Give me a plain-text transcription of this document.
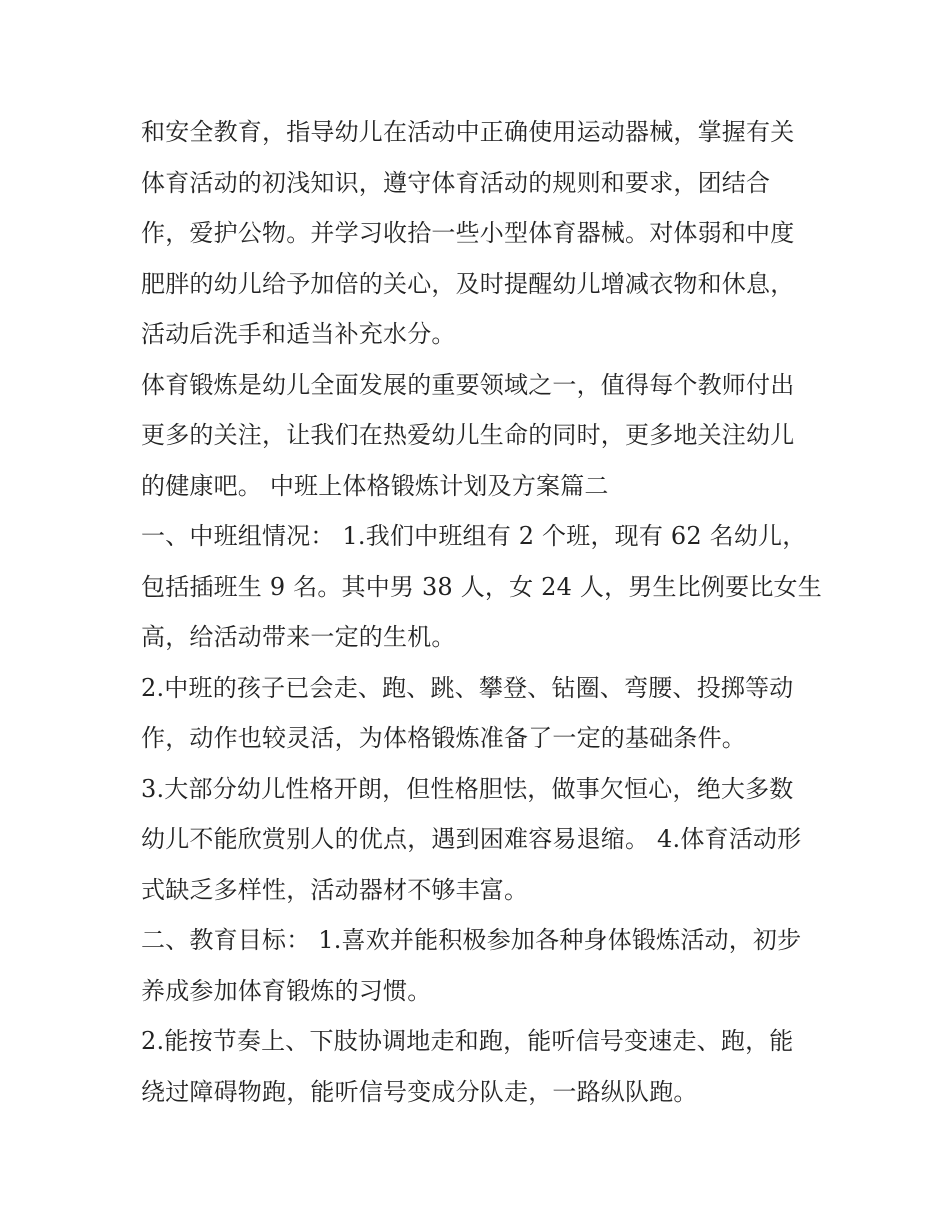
和安全教育，指导幼儿在活动中正确使用运动器械，掌握有关
体育活动的初浅知识，遵守体育活动的规则和要求，团结合
作，爱护公物。并学习收拾一些小型体育器械。对体弱和中度
肥胖的幼儿给予加倍的关心，及时提醒幼儿增减衣物和休息，
活动后洗手和适当补充水分。

体育锻炼是幼儿全面发展的重要领域之一，值得每个教师付出
更多的关注，让我们在热爱幼儿生命的同时，更多地关注幼儿
的健康吧。 中班上体格锻炼计划及方案篇二

一、中班组情况： 1.我们中班组有 2 个班，现有 62 名幼儿，
包括插班生 9 名。其中男 38 人，女 24 人，男生比例要比女生
高，给活动带来一定的生机。

2.中班的孩子已会走、跑、跳、攀登、钻圈、弯腰、投掷等动
作，动作也较灵活，为体格锻炼准备了一定的基础条件。

3.大部分幼儿性格开朗，但性格胆怯，做事欠恒心，绝大多数
幼儿不能欣赏别人的优点，遇到困难容易退缩。 4.体育活动形
式缺乏多样性，活动器材不够丰富。

二、教育目标： 1.喜欢并能积极参加各种身体锻炼活动，初步
养成参加体育锻炼的习惯。

2.能按节奏上、下肢协调地走和跑，能听信号变速走、跑，能
绕过障碍物跑，能听信号变成分队走，一路纵队跑。
